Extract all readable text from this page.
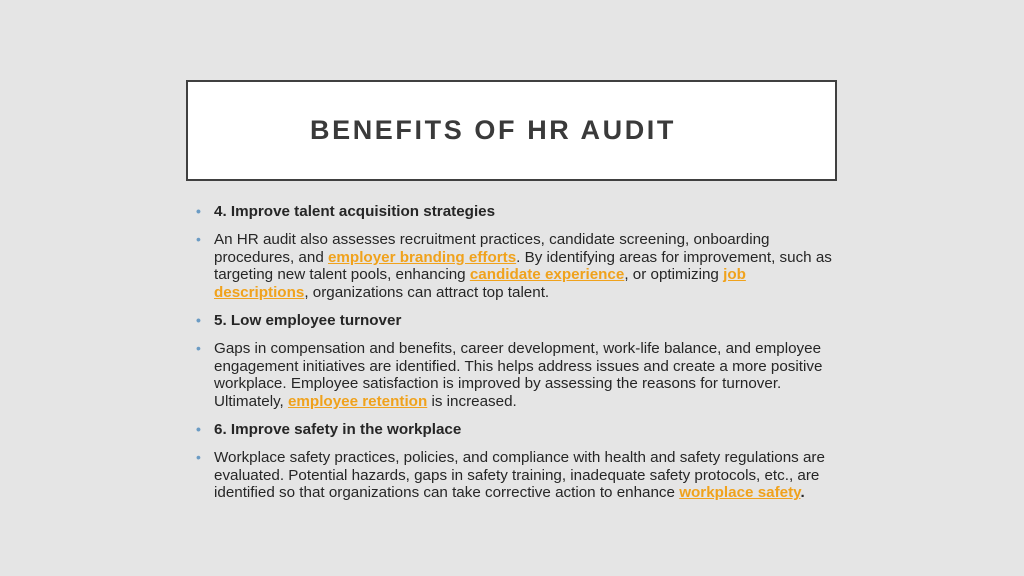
BENEFITS OF HR AUDIT
• 4. Improve talent acquisition strategies
• An HR audit also assesses recruitment practices, candidate screening, onboarding procedures, and employer branding efforts. By identifying areas for improvement, such as targeting new talent pools, enhancing candidate experience, or optimizing job descriptions, organizations can attract top talent.
• 5. Low employee turnover
• Gaps in compensation and benefits, career development, work-life balance, and employee engagement initiatives are identified. This helps address issues and create a more positive workplace. Employee satisfaction is improved by assessing the reasons for turnover. Ultimately, employee retention is increased.
• 6. Improve safety in the workplace
• Workplace safety practices, policies, and compliance with health and safety regulations are evaluated. Potential hazards, gaps in safety training, inadequate safety protocols, etc., are identified so that organizations can take corrective action to enhance workplace safety.
